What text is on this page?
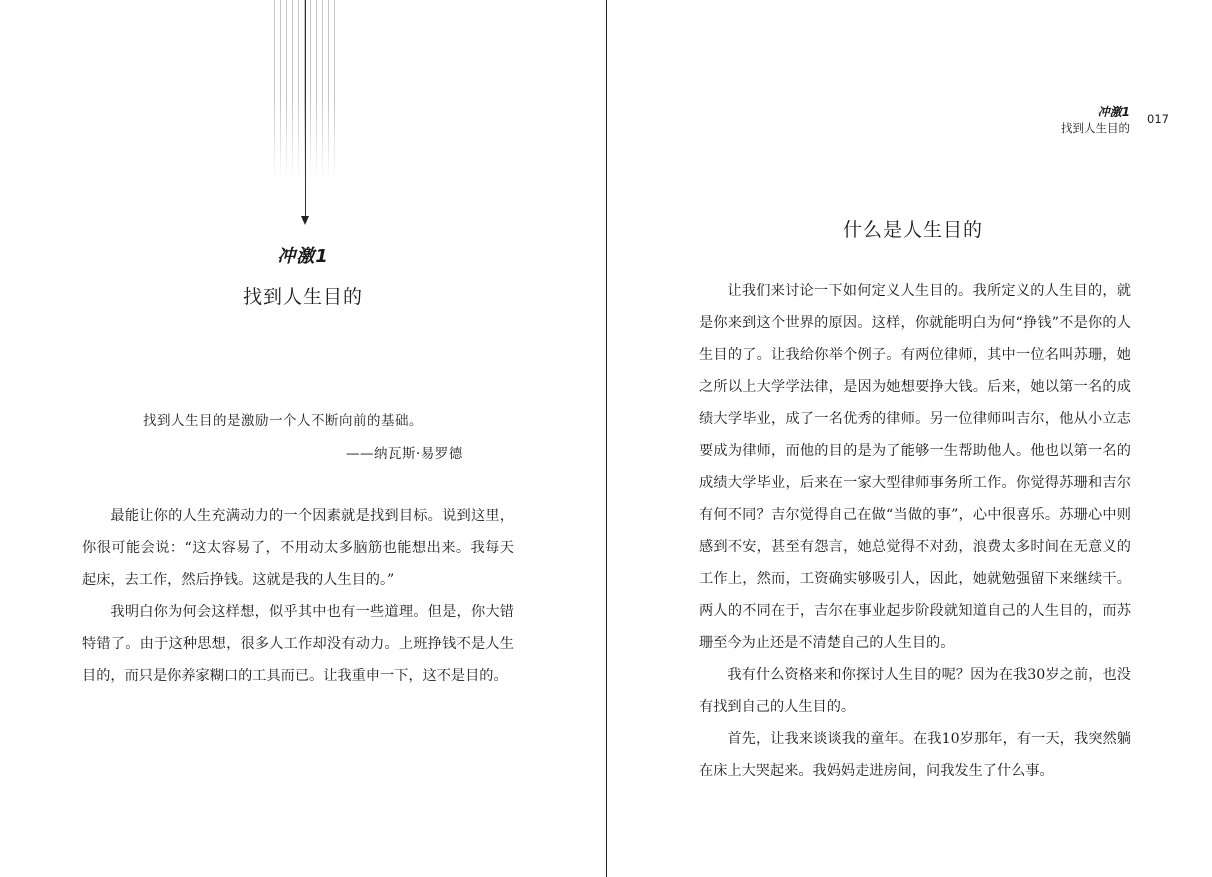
冲激1
找到人生目的
找到人生目的是激励一个人不断向前的基础。
——纳瓦斯·易罗德

最能让你的人生充满动力的一个因素就是找到目标。说到这里，你很可能会说：“这太容易了，不用动太多脑筋也能想出来。我每天起床，去工作，然后挣钱。这就是我的人生目的。”

我明白你为何会这样想，似乎其中也有一些道理。但是，你大错特错了。由于这种思想，很多人工作却没有动力。上班挣钱不是人生目的，而只是你养家糊口的工具而已。让我重申一下，这不是目的。

冲激1
找到人生目的
017
什么是人生目的

让我们来讨论一下如何定义人生目的。我所定义的人生目的，就是你来到这个世界的原因。这样，你就能明白为何“挣钱”不是你的人生目的了。让我给你举个例子。有两位律师，其中一位名叫苏珊，她之所以上大学学法律，是因为她想要挣大钱。后来，她以第一名的成绩大学毕业，成了一名优秀的律师。另一位律师叫吉尔，他从小立志要成为律师，而他的目的是为了能够一生帮助他人。他也以第一名的成绩大学毕业，后来在一家大型律师事务所工作。你觉得苏珊和吉尔有何不同？吉尔觉得自己在做“当做的事”，心中很喜乐。苏珊心中则感到不安，甚至有怨言，她总觉得不对劲，浪费太多时间在无意义的工作上，然而，工资确实够吸引人，因此，她就勉强留下来继续干。两人的不同在于，吉尔在事业起步阶段就知道自己的人生目的，而苏珊至今为止还是不清楚自己的人生目的。

我有什么资格来和你探讨人生目的呢？因为在我30岁之前，也没有找到自己的人生目的。

首先，让我来谈谈我的童年。在我10岁那年，有一天，我突然躺在床上大哭起来。我妈妈走进房间，问我发生了什么事。
